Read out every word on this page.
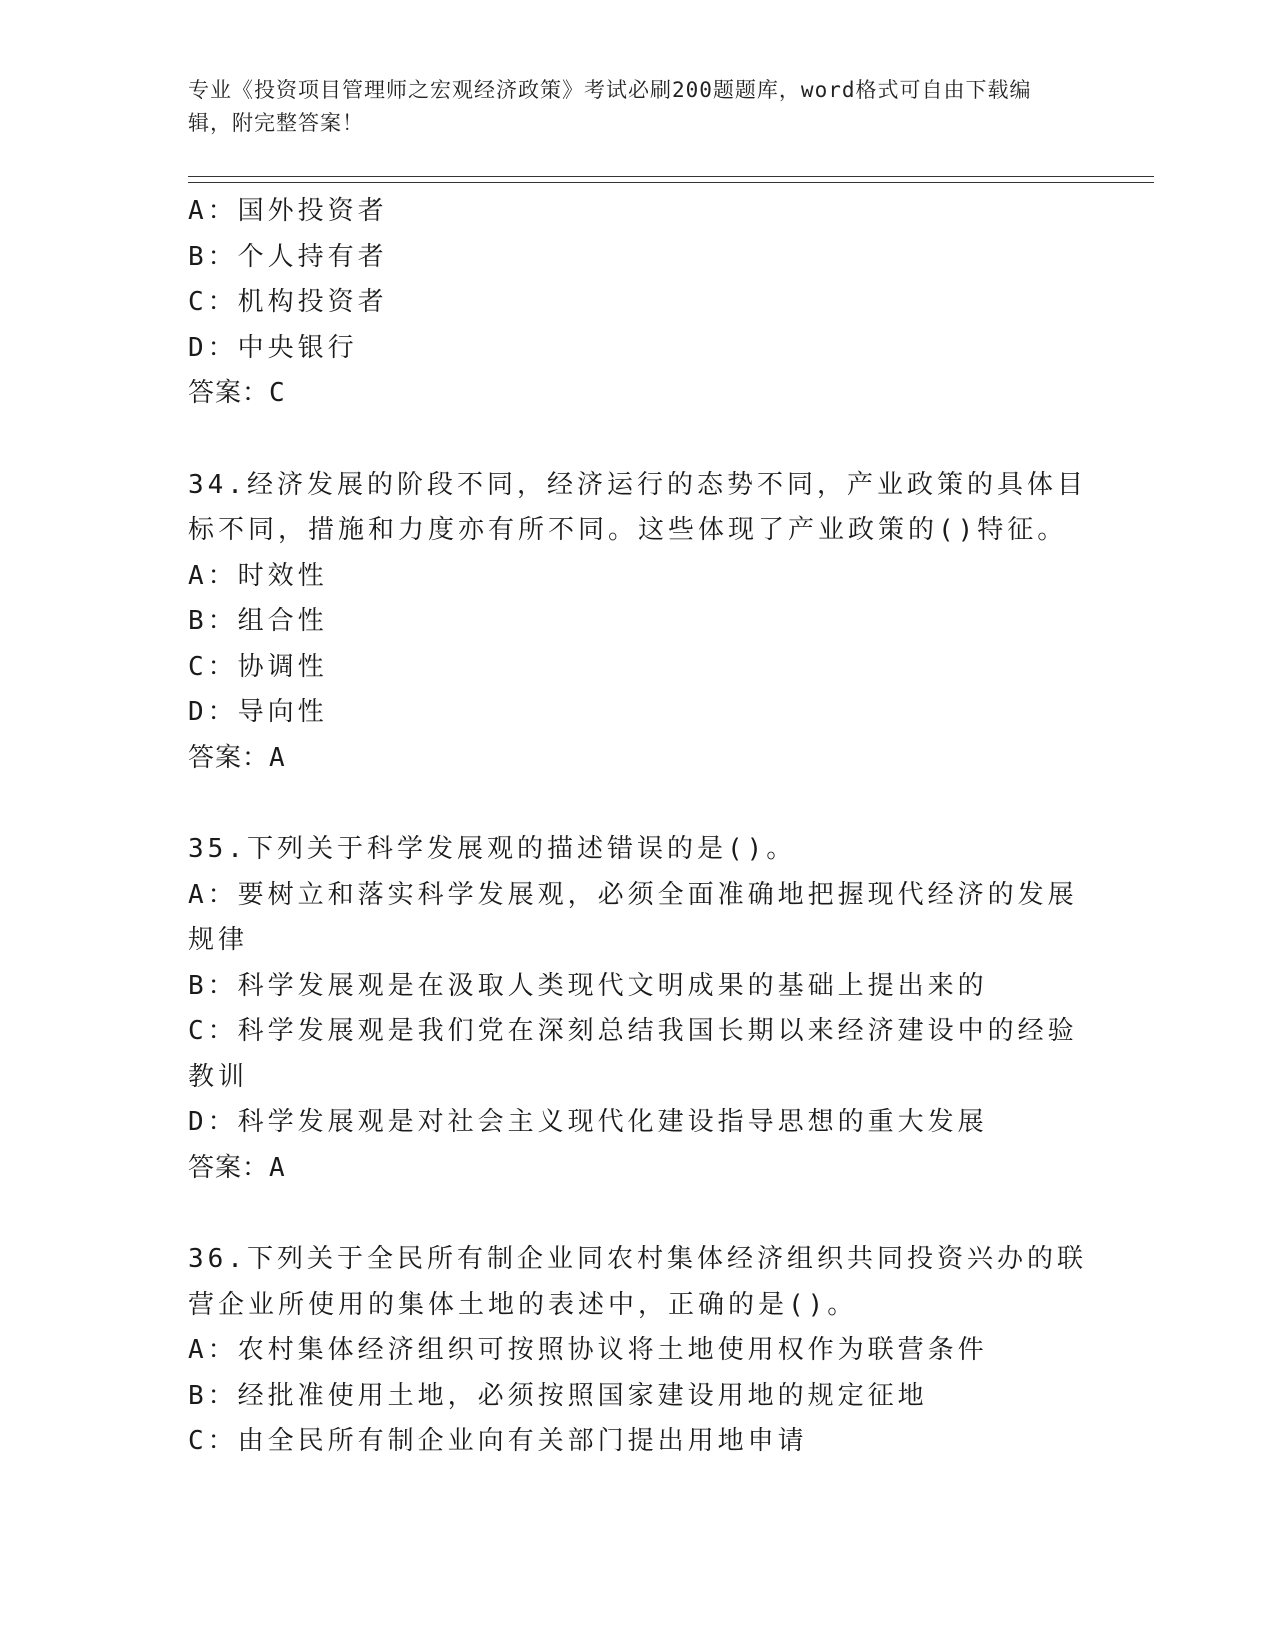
专业《投资项目管理师之宏观经济政策》考试必刷200题题库，word格式可自由下载编辑，附完整答案！

A：国外投资者

B：个人持有者

C：机构投资者

D：中央银行

答案：C

34.经济发展的阶段不同，经济运行的态势不同，产业政策的具体目标不同，措施和力度亦有所不同。这些体现了产业政策的()特征。

A：时效性

B：组合性

C：协调性

D：导向性

答案：A

35.下列关于科学发展观的描述错误的是()。

A：要树立和落实科学发展观，必须全面准确地把握现代经济的发展规律

B：科学发展观是在汲取人类现代文明成果的基础上提出来的

C：科学发展观是我们党在深刻总结我国长期以来经济建设中的经验教训

D：科学发展观是对社会主义现代化建设指导思想的重大发展

答案：A

36.下列关于全民所有制企业同农村集体经济组织共同投资兴办的联营企业所使用的集体土地的表述中，正确的是()。

A：农村集体经济组织可按照协议将土地使用权作为联营条件

B：经批准使用土地，必须按照国家建设用地的规定征地

C：由全民所有制企业向有关部门提出用地申请
